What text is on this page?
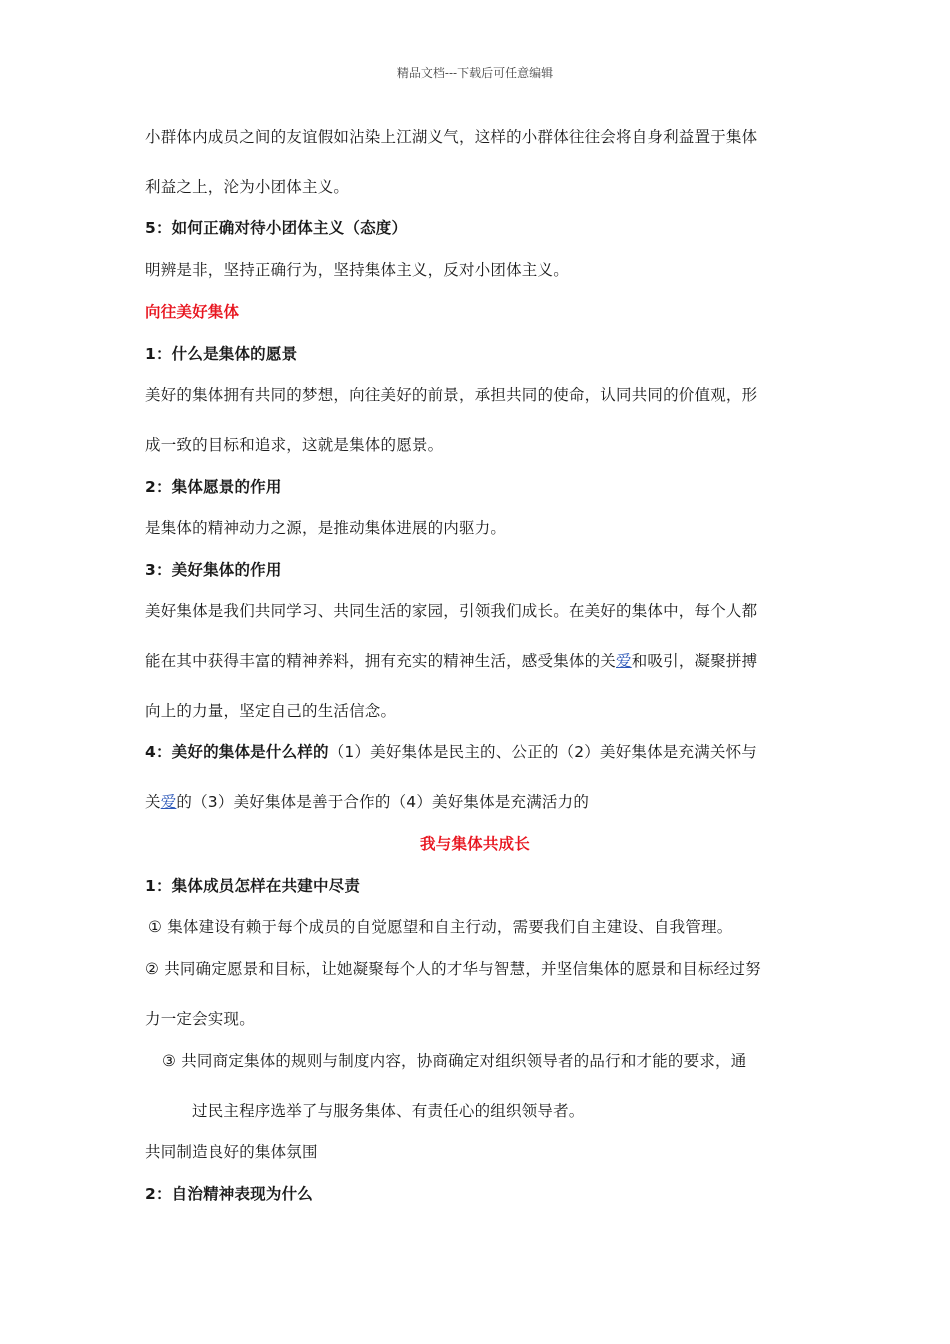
精品文档---下载后可任意编辑
小群体内成员之间的友谊假如沾染上江湖义气，这样的小群体往往会将自身利益置于集体
利益之上，沦为小团体主义。
5：如何正确对待小团体主义（态度）
明辨是非，坚持正确行为，坚持集体主义，反对小团体主义。
向往美好集体
1：什么是集体的愿景
美好的集体拥有共同的梦想，向往美好的前景，承担共同的使命，认同共同的价值观，形
成一致的目标和追求，这就是集体的愿景。
2：集体愿景的作用
是集体的精神动力之源，是推动集体进展的内驱力。
3：美好集体的作用
美好集体是我们共同学习、共同生活的家园，引领我们成长。在美好的集体中，每个人都
能在其中获得丰富的精神养料，拥有充实的精神生活，感受集体的关爱和吸引，凝聚拼搏
向上的力量，坚定自己的生活信念。
4：美好的集体是什么样的（1）美好集体是民主的、公正的（2）美好集体是充满关怀与
关爱的（3）美好集体是善于合作的（4）美好集体是充满活力的
我与集体共成长
1：集体成员怎样在共建中尽责
① 集体建设有赖于每个成员的自觉愿望和自主行动，需要我们自主建设、自我管理。
② 共同确定愿景和目标，让她凝聚每个人的才华与智慧，并坚信集体的愿景和目标经过努
力一定会实现。
③ 共同商定集体的规则与制度内容，协商确定对组织领导者的品行和才能的要求，通
过民主程序选举了与服务集体、有责任心的组织领导者。
共同制造良好的集体氛围
2：自治精神表现为什么
